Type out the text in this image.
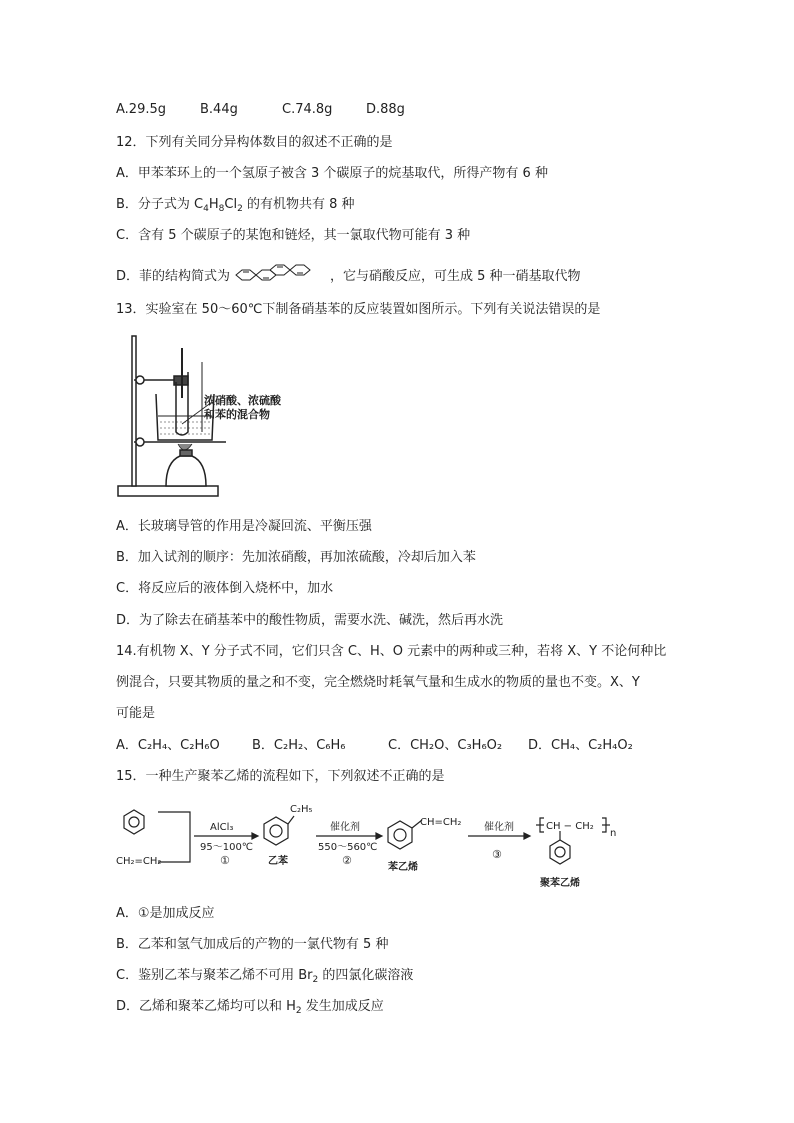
A.29.5g	B.44g	C.74.8g	D.88g
12．下列有关同分异构体数目的叙述不正确的是
A．甲苯苯环上的一个氢原子被含 3 个碳原子的烷基取代，所得产物有 6 种
B．分子式为 $C_4H_8Cl_2$ 的有机物共有 8 种
C．含有 5 个碳原子的某饱和链烃，其一氯取代物可能有 3 种
D．菲的结构简式为	，它与硝酸反应，可生成 5 种一硝基取代物
13．实验室在 50～60℃下制备硝基苯的反应装置如图所示。下列有关说法错误的是
浓硝酸、浓硫酸
和苯的混合物
A．长玻璃导管的作用是冷凝回流、平衡压强
B．加入试剂的顺序：先加浓硝酸，再加浓硫酸，冷却后加入苯
C．将反应后的液体倒入烧杯中，加水
D．为了除去在硝基苯中的酸性物质，需要水洗、碱洗，然后再水洗
14.有机物 X、Y 分子式不同，它们只含 C、H、O 元素中的两种或三种，若将 X、Y 不论何种比
例混合，只要其物质的量之和不变，完全燃烧时耗氧气量和生成水的物质的量也不变。X、Y
可能是
A．C₂H₄、C₂H₆O B．C₂H₂、C₆H₆	C．CH₂O、C₃H₆O₂ D．CH₄、C₂H₄O₂
15．一种生产聚苯乙烯的流程如下，下列叙述不正确的是
CH₂=CH₂
AlCl₃
95～100℃
①
C₂H₅
乙苯
催化剂
550～560℃
②
CH=CH₂
苯乙烯
催化剂
③
CH − CH₂
n
聚苯乙烯
A．①是加成反应
B．乙苯和氢气加成后的产物的一氯代物有 5 种
C．鉴别乙苯与聚苯乙烯不可用 $Br_2$ 的四氯化碳溶液
D．乙烯和聚苯乙烯均可以和 $H_2$ 发生加成反应
